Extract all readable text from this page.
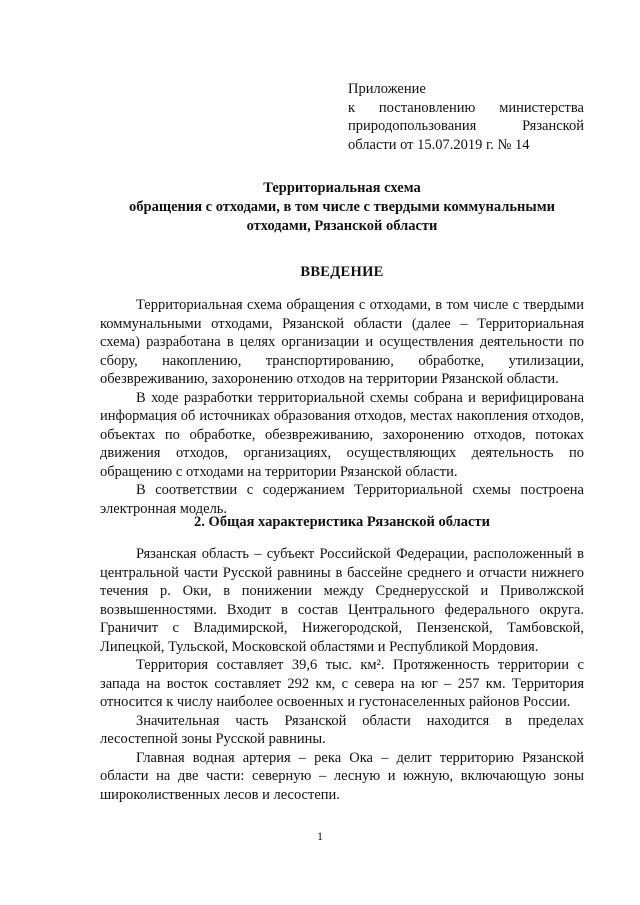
Приложение
к постановлению министерства
природопользования Рязанской
области от 15.07.2019 г. № 14
Территориальная схема
обращения с отходами, в том числе с твердыми коммунальными
отходами, Рязанской области
ВВЕДЕНИЕ

Территориальная схема обращения с отходами, в том числе с твердыми коммунальными отходами, Рязанской области (далее – Территориальная схема) разработана в целях организации и осуществления деятельности по сбору, накоплению, транспортированию, обработке, утилизации, обезвреживанию, захоронению отходов на территории Рязанской области.

В ходе разработки территориальной схемы собрана и верифицирована информация об источниках образования отходов, местах накопления отходов, объектах по обработке, обезвреживанию, захоронению отходов, потоках движения отходов, организациях, осуществляющих деятельность по обращению с отходами на территории Рязанской области.

В соответствии с содержанием Территориальной схемы построена электронная модель.

2. Общая характеристика Рязанской области

Рязанская область – субъект Российской Федерации, расположенный в центральной части Русской равнины в бассейне среднего и отчасти нижнего течения р. Оки, в понижении между Среднерусской и Приволжской возвышенностями. Входит в состав Центрального федерального округа. Граничит с Владимирской, Нижегородской, Пензенской, Тамбовской, Липецкой, Тульской, Московской областями и Республикой Мордовия.

Территория составляет 39,6 тыс. км². Протяженность территории с запада на восток составляет 292 км, с севера на юг – 257 км. Территория относится к числу наиболее освоенных и густонаселенных районов России.

Значительная часть Рязанской области находится в пределах лесостепной зоны Русской равнины.

Главная водная артерия – река Ока – делит территорию Рязанской области на две части: северную – лесную и южную, включающую зоны широколиственных лесов и лесостепи.

1
